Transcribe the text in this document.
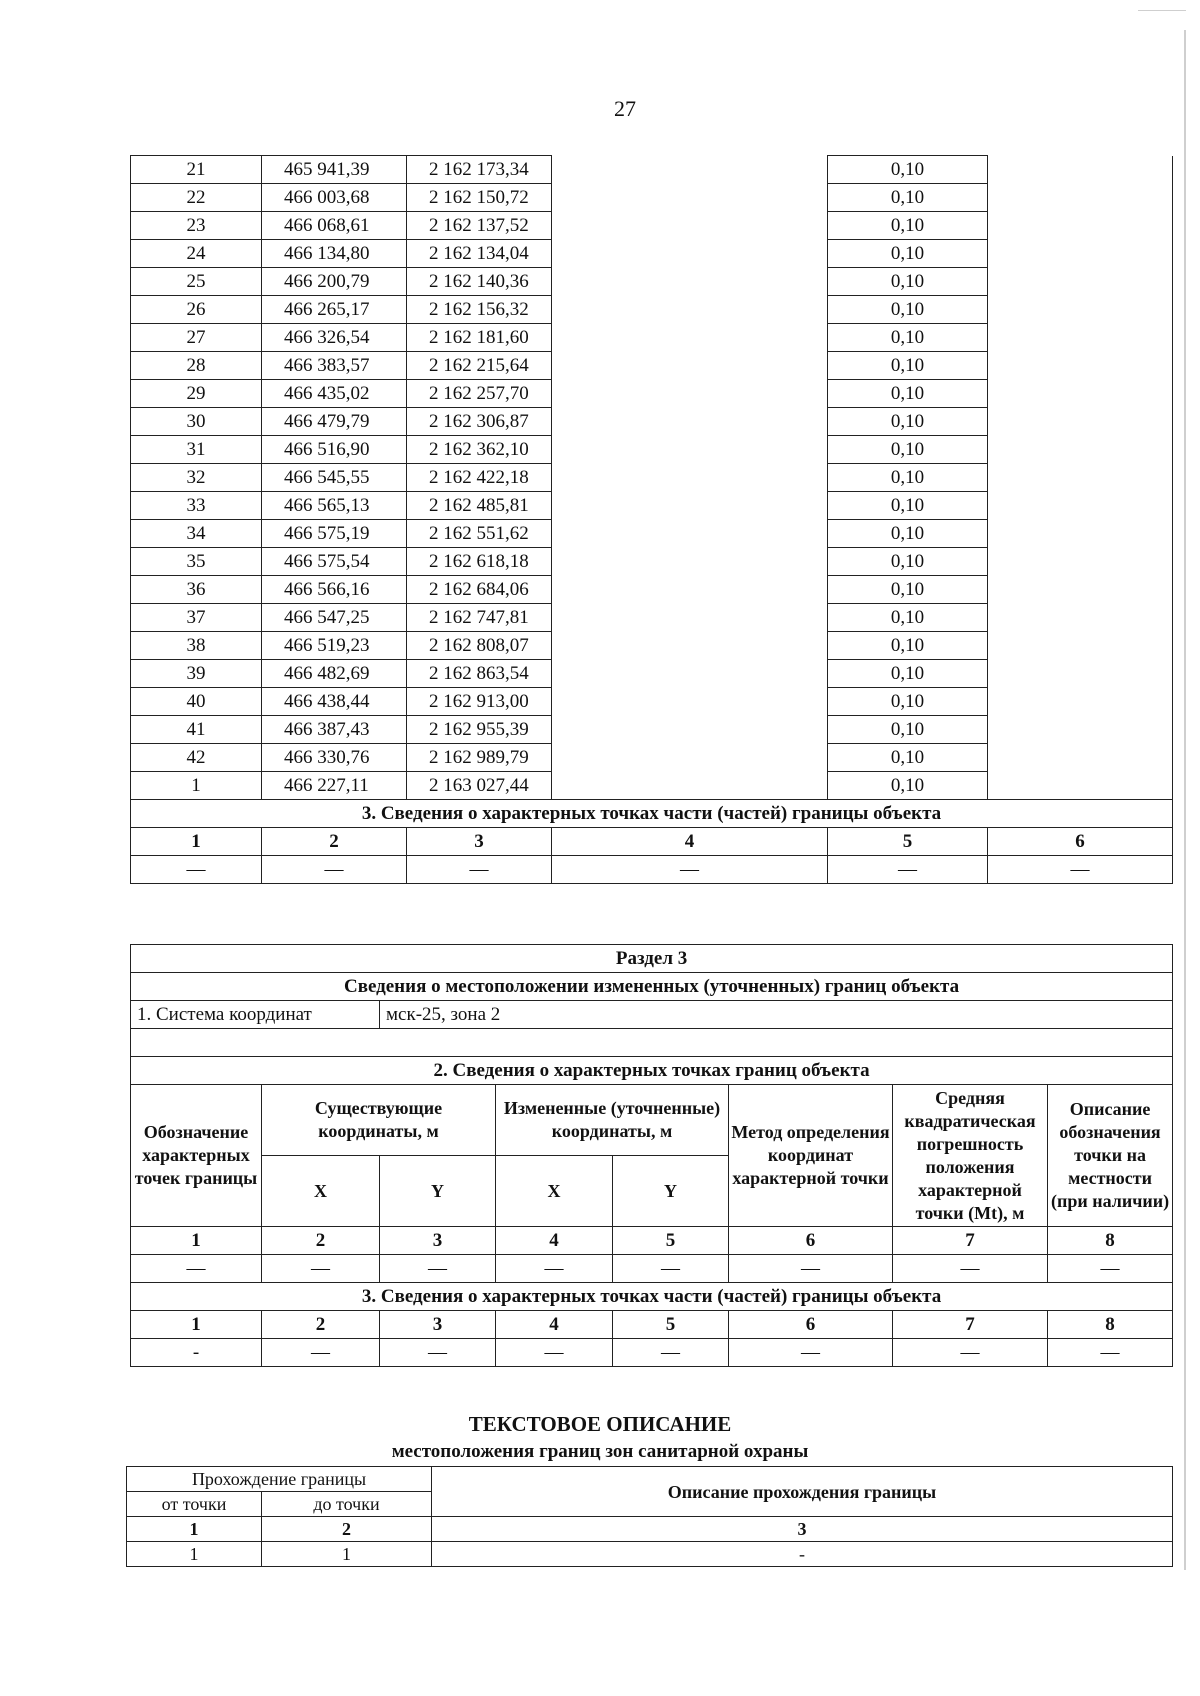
27
21	465 941,39	2 162 173,34		0,10	
22	466 003,68	2 162 150,72		0,10	
23	466 068,61	2 162 137,52		0,10	
24	466 134,80	2 162 134,04		0,10	
25	466 200,79	2 162 140,36		0,10	
26	466 265,17	2 162 156,32		0,10	
27	466 326,54	2 162 181,60		0,10	
28	466 383,57	2 162 215,64		0,10	
29	466 435,02	2 162 257,70		0,10	
30	466 479,79	2 162 306,87		0,10	
31	466 516,90	2 162 362,10		0,10	
32	466 545,55	2 162 422,18		0,10	
33	466 565,13	2 162 485,81		0,10	
34	466 575,19	2 162 551,62		0,10	
35	466 575,54	2 162 618,18		0,10	
36	466 566,16	2 162 684,06		0,10	
37	466 547,25	2 162 747,81		0,10	
38	466 519,23	2 162 808,07		0,10	
39	466 482,69	2 162 863,54		0,10	
40	466 438,44	2 162 913,00		0,10	
41	466 387,43	2 162 955,39		0,10	
42	466 330,76	2 162 989,79		0,10	
1	466 227,11	2 163 027,44		0,10	
3. Сведения о характерных точках части (частей) границы объекта					
1	2	3	4	5	6
—	—	—	—	—	—
Раздел 3							
Сведения о местоположении измененных (уточненных) границ объекта							
1. Система координат		мск-25, зона 2					

2. Сведения о характерных точках границ объекта							
Обозначение характерных точек границы	Существующие координаты, м		Измененные (уточненные) координаты, м		Метод определения координат характерной точки	Средняя квадратическая погрешность положения характерной точки (Mt), м	Описание обозначения точки на местности (при наличии)
	X	Y	X	Y			
1	2	3	4	5	6	7	8
—	—	—	—	—	—	—	—
3. Сведения о характерных точках части (частей) границы объекта							
1	2	3	4	5	6	7	8
-	—	—	—	—	—	—	—
ТЕКСТОВОЕ ОПИСАНИЕ
местоположения границ зон санитарной охраны
Прохождение границы		Описание прохождения границы
от точки	до точки	
1	2	3
1	1	-
